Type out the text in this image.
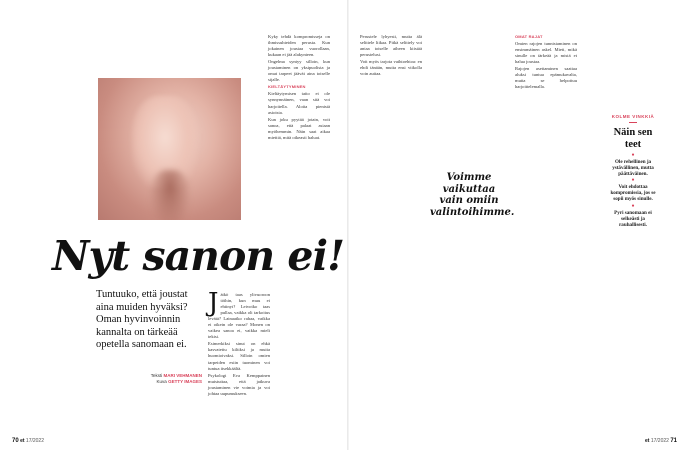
Nyt sanon ei!

Tuntuuko, että joustat aina muiden hyväksi? Oman hyvinvoinnin kannalta on tärkeää opetella sanomaan ei.

Teksti MARI VEHMANEN
Kuva GETTY IMAGES
J ätkö taas ylivuoroon töihin, kun muu ei ehtinyt? Leivotko taas pullaa, vaikka oli tarkoitus levätä? Lainaatko rahaa, vaikka ei oikein ole varaa? Monen on vaikea sanoa ei, vaikka mieli tekisi.

Esimerkiksi sinut on ehkä kasvatettu kiltiksi ja muita huomioivaksi. Silloin omien tarpeiden esiin tuominen voi tuntua itsekkäältä.

Psykologi Eva Kemppainen muistuttaa, että jatkuva joustaminen vie voimia ja voi johtaa uupumukseen.

Kyky tehdä kompromisseja on ihmissuhteiden perusta. Kun jokainen joustaa vuorollaan, kukaan ei jää alakynteen.

Ongelma syntyy silloin, kun joustaminen on yksipuolista ja omat tarpeet jäävät aina toiselle sijalle.

KIELTÄYTYMINEN

Kieltäytymisen taito ei ole synnynnäinen, vaan sitä voi harjoitella. Aloita pienistä asioista.

Kun joku pyytää jotain, voit sanoa, että palaat asiaan myöhemmin. Näin saat aikaa miettiä, mitä oikeasti haluat.

Perustele lyhyesti, mutta älä selittele liikaa. Pitkä selittely voi antaa toiselle aiheen kiistää perustelusi.

Voit myös tarjota vaihtoehtoa: en ehdi tänään, mutta ensi viikolla voin auttaa.

Voimme vaikuttaa vain omiin valintoihimme.

OMAT RAJAT

Omien rajojen tunnistaminen on ensimmäinen askel. Mieti, mikä sinulle on tärkeää ja mistä et halua joustaa.

Rajojen asettaminen saattaa aluksi tuntua epämukavalta, mutta se helpottuu harjoittelemalla.

KOLME VINKKIÄ
Näin sen teet
●

Ole rehellinen ja ystävällinen, mutta päättäväinen.

●

Voit ehdottaa kompromissia, jos se sopii myös sinulle.

●

Pyri sanomaan ei selkeästi ja rauhallisesti.

70 et 17/2022	et 17/2022 71
